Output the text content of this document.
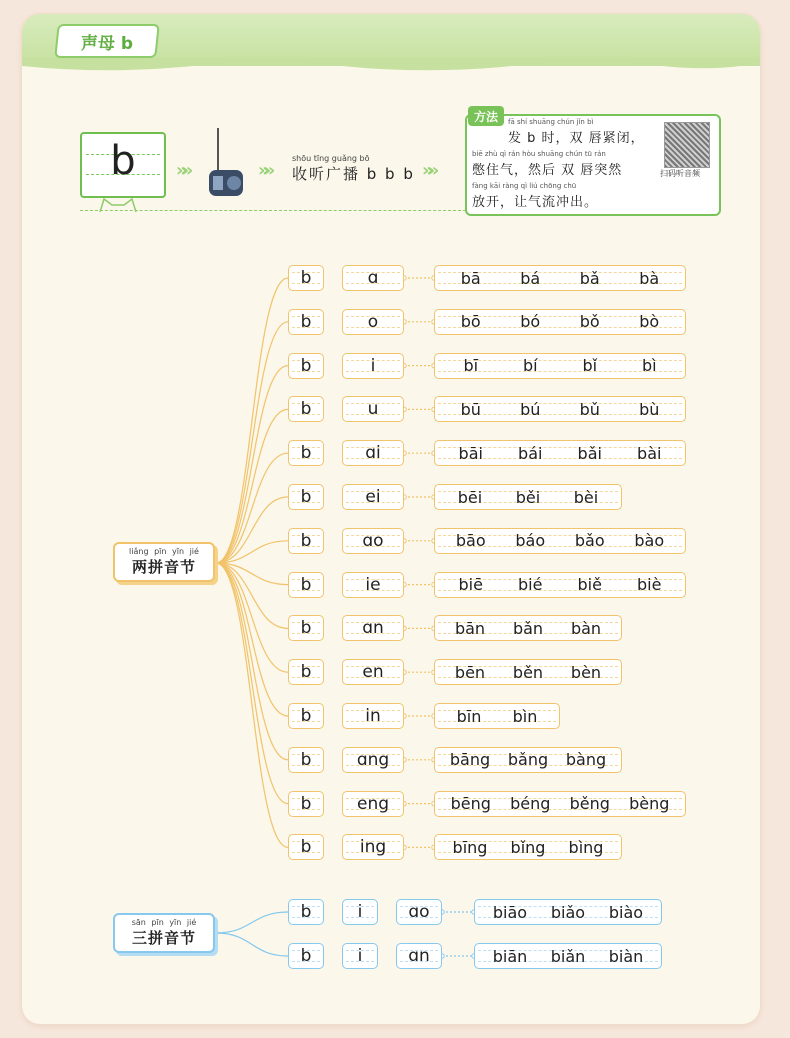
声母 b
b	»»	»»
shōu tīng guǎng bō
收听广播 b b b »»
方法	fā shí shuāng chún jǐn bì
发 b 时，双 唇紧闭，
biē zhù qì rán hòu shuāng chún tū rán
憋住气，然后 双 唇突然
fàng kāi ràng qì liú chōng chū
放开，让气流冲出。
扫码听音频
liǎng pīn yīn jié
两拼音节
b	ɑ	bā bá bǎ bà
b	o	bō bó bǒ bò
b	i	bī	bí	bǐ	bì
b	u	bū bú bǔ bù
b	ɑi	bāi bái bǎi bài
b	ei	bēi běi bèi
b	ɑo	bāo báo bǎo bào
b	ie	biē bié biě biè
b	ɑn	bān bǎn bàn
b	en	bēn běn bèn
b	in	bīn bìn
b	ɑng	bāng bǎng bàng
b	eng	bēng béng běng bèng
b	ing	bīng bǐng bìng
sān pīn yīn jié
三拼音节
b	i	ɑo	biāo biǎo biào
b	i	ɑn	biān biǎn biàn
